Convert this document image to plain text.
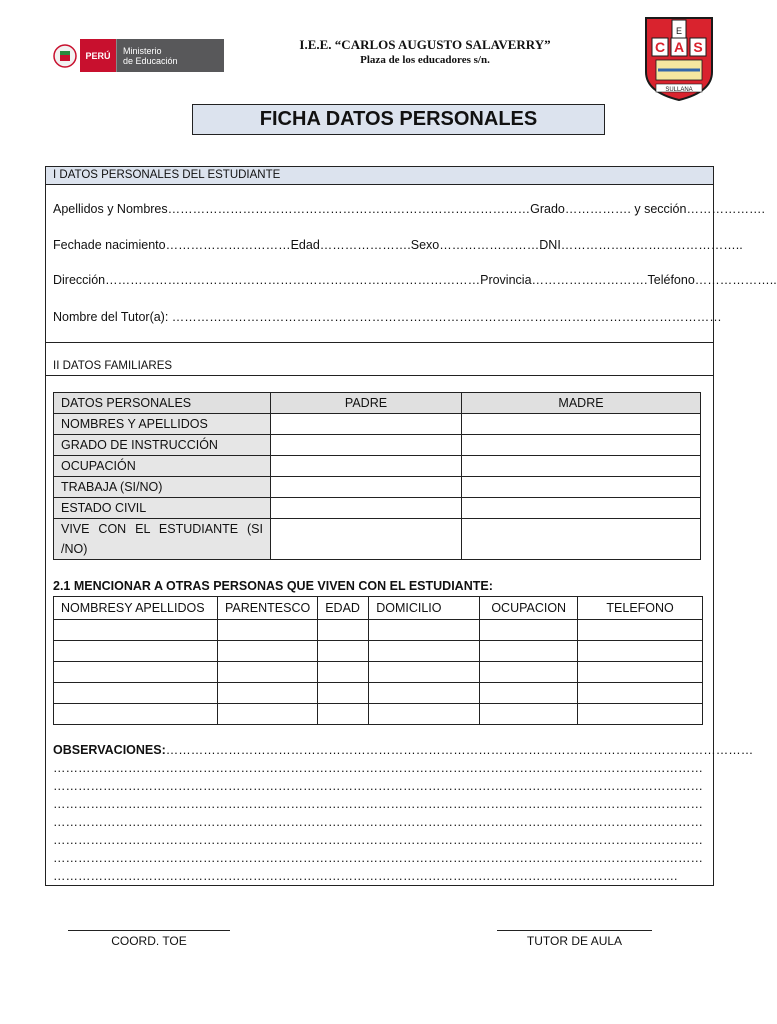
PERÚ	Ministerio
de Educación
I.E.E. “CARLOS AUGUSTO SALAVERRY”
Plaza de los educadores s/n.
E
C A S
SULLANA
FICHA DATOS PERSONALES
I DATOS PERSONALES DEL ESTUDIANTE
Apellidos y Nombres……………………………………………………………………………Grado……………. y sección……………….
Fechade nacimiento…………………………Edad………………….Sexo……………………DNI……………………………………..
Dirección………………………………………………………………………………Provincia……………………….Teléfono………………..
Nombre del Tutor(a): ……………………………………………………………………………………………………………………
II DATOS FAMILIARES
DATOS PERSONALES	PADRE	MADRE
NOMBRES Y APELLIDOS		
GRADO DE INSTRUCCIÓN		
OCUPACIÓN		
TRABAJA (SI/NO)		
ESTADO CIVIL		
VIVE CON EL ESTUDIANTE (SI /NO)		
2.1 MENCIONAR A OTRAS PERSONAS QUE VIVEN CON EL ESTUDIANTE:
NOMBRESY APELLIDOS	PARENTESCO	EDAD	DOMICILIO	OCUPACION	TELEFONO

OBSERVACIONES:……………………………………………………………………………………………………………………………
…………………………………………………………………………………………………………………………………………
…………………………………………………………………………………………………………………………………………
…………………………………………………………………………………………………………………………………………
…………………………………………………………………………………………………………………………………………
…………………………………………………………………………………………………………………………………………
…………………………………………………………………………………………………………………………………………
……………………………………………………………………………………………………………………………………
COORD. TOE	TUTOR DE AULA
